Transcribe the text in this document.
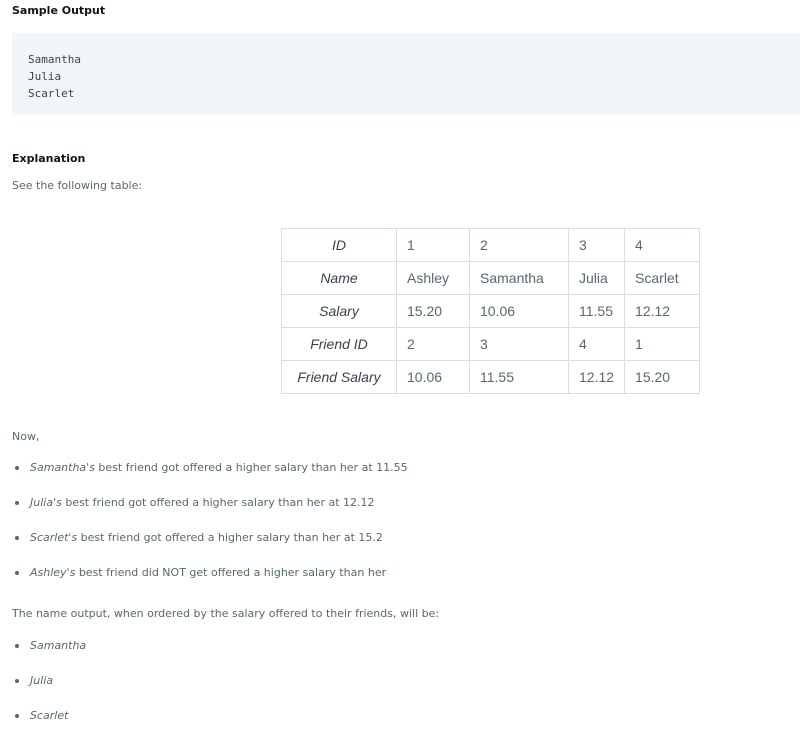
Sample Output
Samantha
Julia
Scarlet
Explanation

See the following table:

ID	1	2	3	4
Name	Ashley	Samantha	Julia	Scarlet
Salary	15.20	10.06	11.55	12.12
Friend ID	2	3	4	1
Friend Salary	10.06	11.55	12.12	15.20

Now,

Samantha's best friend got offered a higher salary than her at 11.55
Julia's best friend got offered a higher salary than her at 12.12
Scarlet's best friend got offered a higher salary than her at 15.2
Ashley's best friend did NOT get offered a higher salary than her

The name output, when ordered by the salary offered to their friends, will be:

Samantha
Julia
Scarlet
